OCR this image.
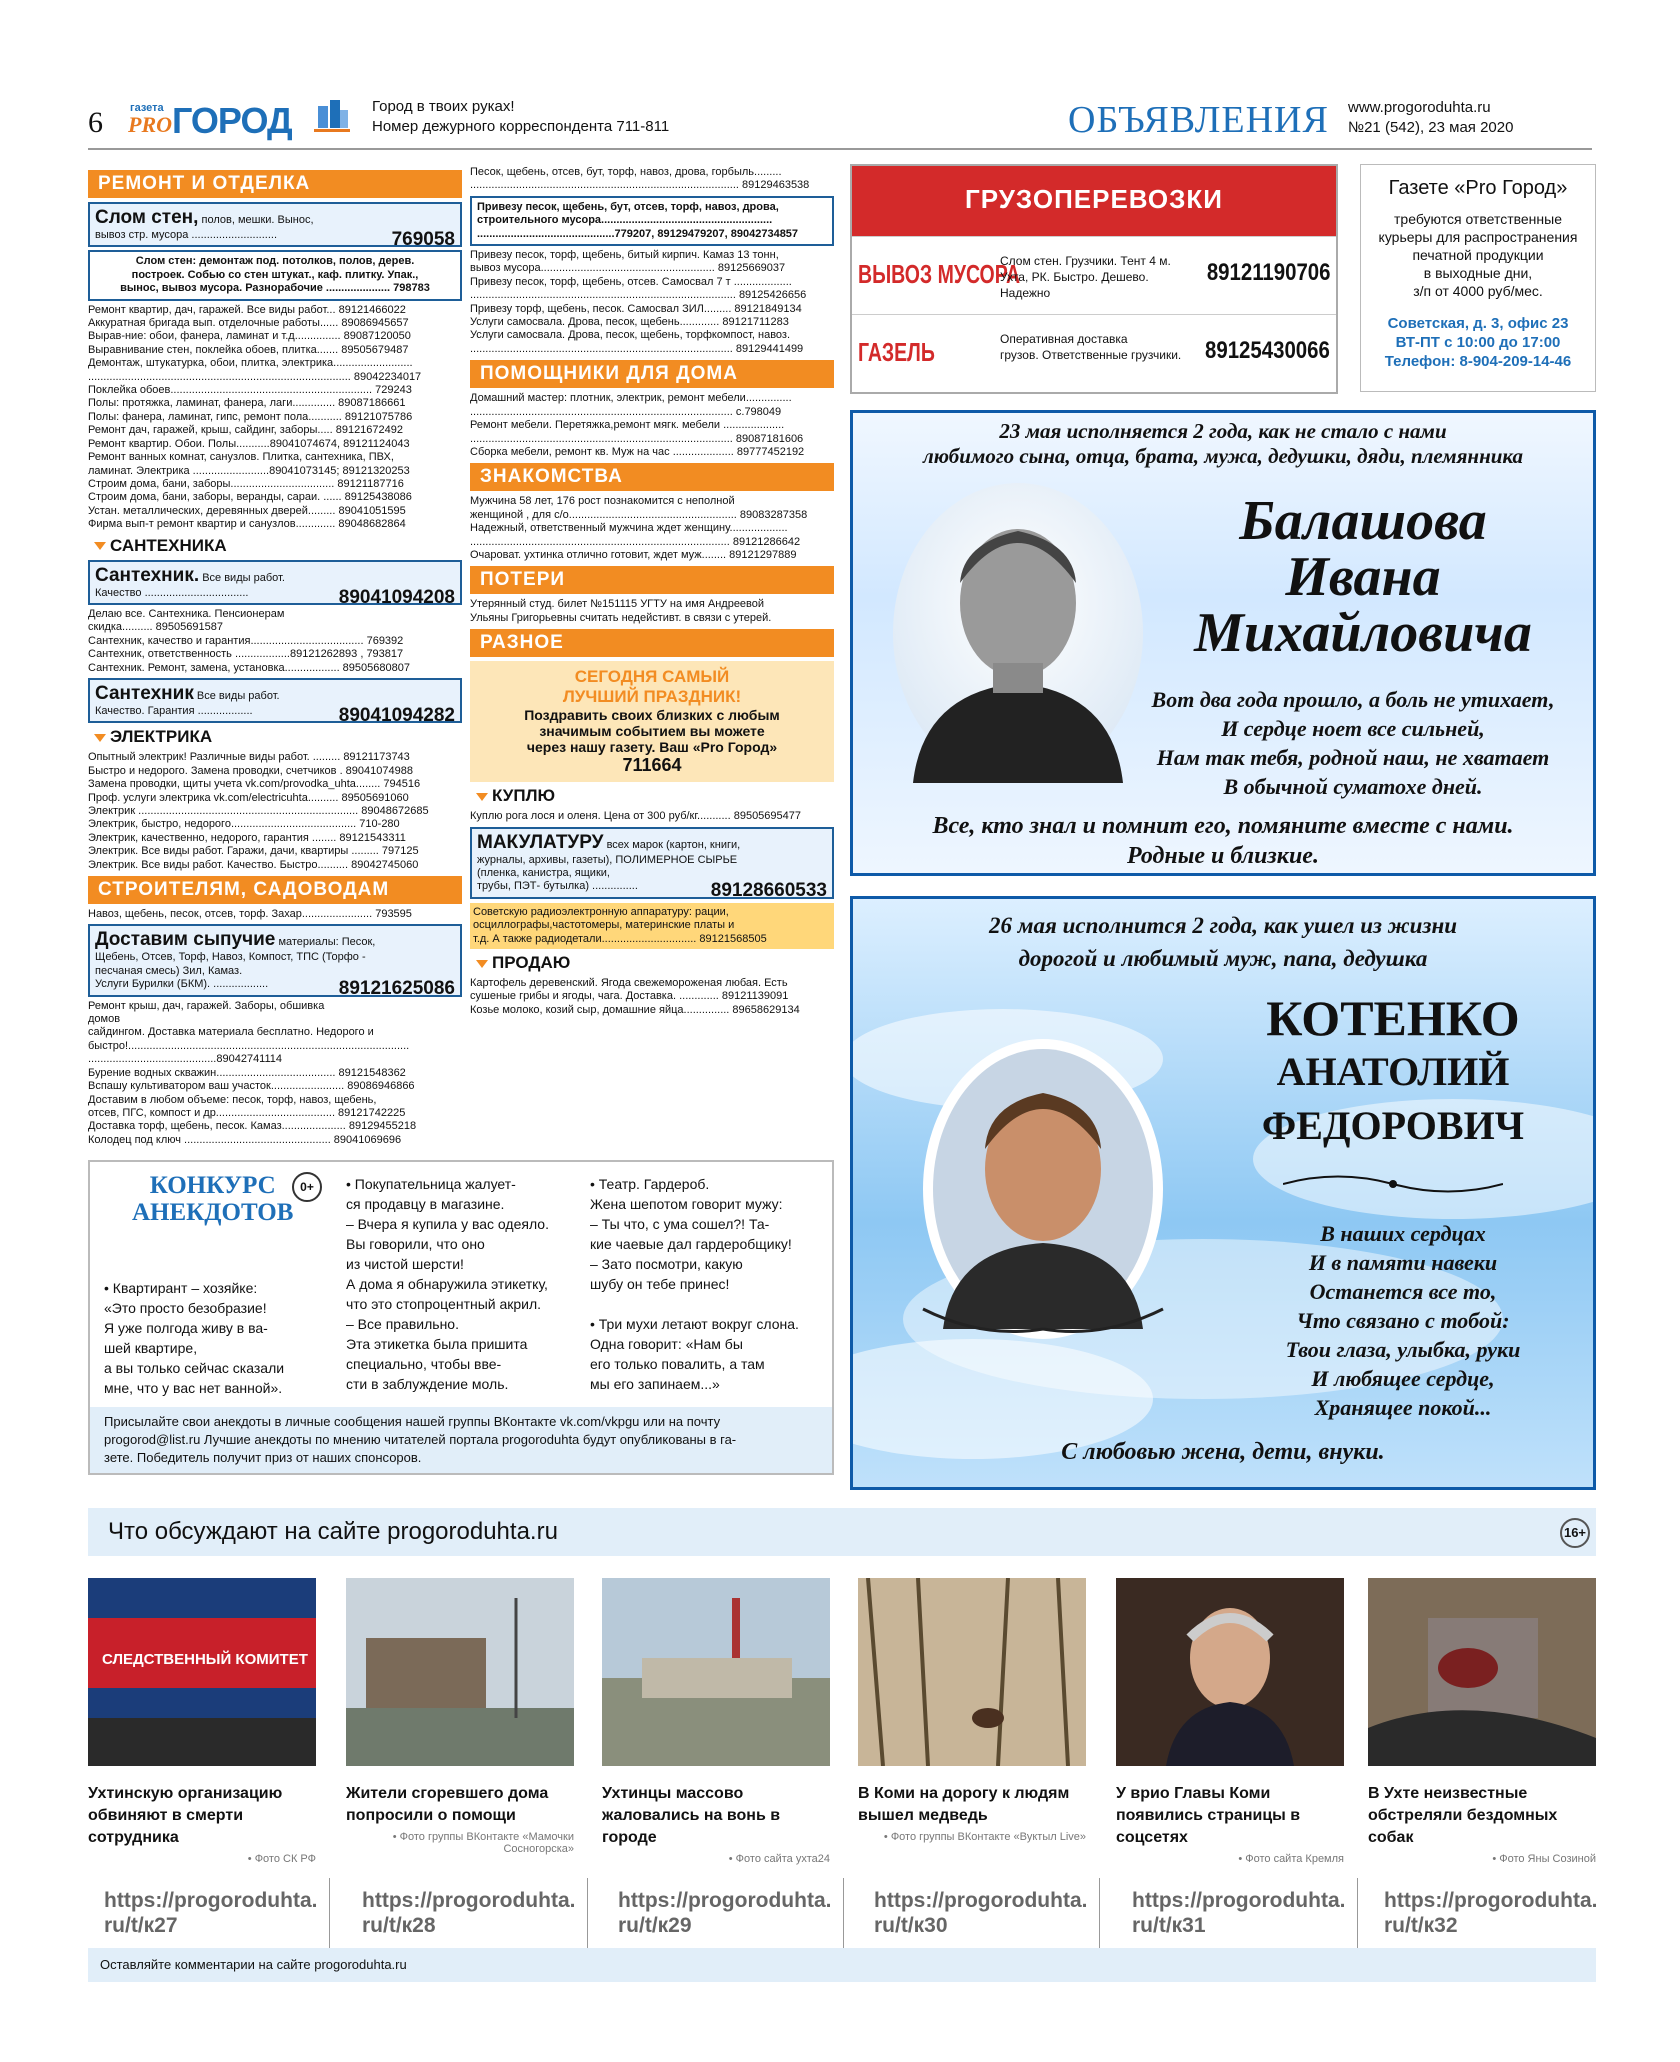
6 газета
PRO ГОРОД	Город в твоих руках!
Номер дежурного корреспондента 711-811	ОБЪЯВЛЕНИЯ www.progoroduhta.ru
№21 (542), 23 мая 2020
РЕМОНТ И ОТДЕЛКА
Слом стен, полов, мешки. Вынос,
вывоз стр. мусора ............................	769058
Слом стен: демонтаж под. потолков, полов, дерев.
построек. Собью со стен штукат., каф. плитку. Упак.,
вынос, вывоз мусора. Разнорабочие ..................... 798783
Ремонт квартир, дач, гаражей. Все виды работ... 89121466022
Аккуратная бригада вып. отделочные работы...... 89086945657
Вырав-ние: обои, фанера, ламинат и т.д............... 89087120050
Выравнивание стен, поклейка обоев, плитка....... 89505679487
Демонтаж, штукатурка, обои, плитка, электрика..........................
...................................................................................... 89042234017
Поклейка обоев.................................................................. 729243
Полы: протяжка, ламинат, фанера, лаги.............. 89087186661
Полы: фанера, ламинат, гипс, ремонт пола........... 89121075786
Ремонт дач, гаражей, крыш, сайдинг, заборы..... 89121672492
Ремонт квартир. Обои. Полы...........89041074674, 89121124043
Ремонт ванных комнат, санузлов. Плитка, сантехника, ПВХ,
ламинат. Электрика .........................89041073145; 89121320253
Строим дома, бани, заборы.................................. 89121187716
Строим дома, бани, заборы, веранды, сараи. ...... 89125438086
Устан. металлических, деревянных дверей......... 89041051595
Фирма вып-т ремонт квартир и санузлов............. 89048682864
САНТЕХНИКА
Сантехник. Все виды работ.
Качество ..................................	89041094208
Делаю все. Сантехника. Пенсионерам скидка.......... 89505691587
Сантехник, качество и гарантия..................................... 769392
Сантехник, ответственность ..................89121262893 , 793817
Сантехник. Ремонт, замена, установка.................. 89505680807
Сантехник Все виды работ.
Качество. Гарантия ..................	89041094282
ЭЛЕКТРИКА
Опытный электрик! Различные виды работ. ......... 89121173743
Быстро и недорого. Замена проводки, счетчиков . 89041074988
Замена проводки, щиты учета vk.com/provodka_uhta........ 794516
Проф. услуги электрика vk.com/electricuhta.......... 89505691060
Электрик ........................................................................ 89048672685
Электрик, быстро, недорого......................................... 710-280
Электрик, качественно, недорого, гарантия ........ 89121543311
Электрик. Все виды работ. Гаражи, дачи, квартиры ......... 797125
Электрик. Все виды работ. Качество. Быстро.......... 89042745060
СТРОИТЕЛЯМ, САДОВОДАМ
Навоз, щебень, песок, отсев, торф. Захар....................... 793595
Доставим сыпучие материалы: Песок,
Щебень, Отсев, Торф, Навоз, Компост, ТПС (Торфо -
песчаная смесь) Зил, Камаз.
Услуги Бурилки (БКМ). ..................	89121625086
Ремонт крыш, дач, гаражей. Заборы, обшивка домов
сайдингом. Доставка материала бесплатно. Недорого и
быстро!............................................................................................
..........................................89042741114
Бурение водных скважин....................................... 89121548362
Вспашу культиватором ваш участок........................ 89086946866
Доставим в любом объеме: песок, торф, навоз, щебень,
отсев, ПГС, компост и др....................................... 89121742225
Доставка торф, щебень, песок. Камаз..................... 89129455218
Колодец под ключ ................................................ 89041069696
Песок, щебень, отсев, бут, торф, навоз, дрова, горбыль.........
........................................................................................ 89129463538
Привезу песок, щебень, бут, отсев, торф, навоз, дрова,
строительного мусора........................................................
.............................................779207, 89129479207, 89042734857
Привезу песок, торф, щебень, битый кирпич. Камаз 13 тонн,
вывоз мусора......................................................... 89125669037
Привезу песок, торф, щебень, отсев. Самосвал 7 т ...................
....................................................................................... 89125426656
Привезу торф, щебень, песок. Самосвал ЗИЛ......... 89121849134
Услуги самосвала. Дрова, песок, щебень............. 89121711283
Услуги самосвала. Дрова, песок, щебень, торфкомпост, навоз.
...................................................................................... 89129441499
ПОМОЩНИКИ ДЛЯ ДОМА
Домашний мастер: плотник, электрик, ремонт мебели...............
...................................................................................... с.798049
Ремонт мебели. Перетяжка,ремонт мягк. мебели ....................
...................................................................................... 89087181606
Сборка мебели, ремонт кв. Муж на час .................... 89777452192
ЗНАКОМСТВА
Мужчина 58 лет, 176 рост познакомится с неполной
женщиной , для с/о....................................................... 89083287358
Надежный, ответственный мужчина ждет женщину...................
..................................................................................... 89121286642
Очароват. ухтинка отлично готовит, ждет муж........ 89121297889
ПОТЕРИ
Утерянный студ. билет №151115 УГТУ на имя Андреевой
Ульяны Григорьевны считать недейстивт. в связи с утерей.
РАЗНОЕ
СЕГОДНЯ САМЫЙ
ЛУЧШИЙ ПРАЗДНИК!
Поздравить своих близких с любым
значимым событием вы можете
через нашу газету. Ваш «Pro Город»
711664
КУПЛЮ
Куплю рога лося и оленя. Цена от 300 руб/кг........... 89505695477
МАКУЛАТУРУ всех марок (картон, книги,
журналы, архивы, газеты), ПОЛИМЕРНОЕ СЫРЬЕ
(пленка, канистра, ящики,
трубы, ПЭТ- бутылка) ...............	89128660533
Советскую радиоэлектронную аппаратуру: рации,
осциллографы,частотомеры, материнские платы и
т.д. А также радиодетали............................... 89121568505
ПРОДАЮ
Картофель деревенский. Ягода свежемороженая любая. Есть
сушеные грибы и ягоды, чага. Доставка. ............. 89121139091
Козье молоко, козий сыр, домашние яйца............... 89658629134
ГРУЗОПЕРЕВОЗКИ
ВЫВОЗ МУСОРА
Слом стен. Грузчики. Тент 4 м.
Ухта, РК. Быстро. Дешево. Надежно
89121190706
ГАЗЕЛЬ	Оперативная доставка
грузов. Ответственные грузчики. 89125430066
Газете «Pro Город»
требуются ответственные
курьеры для распространения
печатной продукции
в выходные дни,
з/п от 4000 руб/мес.
Советская, д. 3, офис 23
ВТ-ПТ с 10:00 до 17:00
Телефон: 8-904-209-14-46
23 мая исполняется 2 года, как не стало с нами
любимого сына, отца, брата, мужа, дедушки, дяди, племянника
Балашова
Ивана
Михайловича
Вот два года прошло, а боль не утихает,
И сердце ноет все сильней,
Нам так тебя, родной наш, не хватает
В обычной суматохе дней.
Все, кто знал и помнит его, помяните вместе с нами.
Родные и близкие.
26 мая исполнится 2 года, как ушел из жизни
дорогой и любимый муж, папа, дедушка
КОТЕНКО
АНАТОЛИЙ
ФЕДОРОВИЧ
В наших сердцах
И в памяти навеки
Останется все то,
Что связано с тобой:
Твои глаза, улыбка, руки
И любящее сердце,
Хранящее покой...
С любовью жена, дети, внуки.
КОНКУРС
АНЕКДОТОВ
0+
• Квартирант – хозяйке:
«Это просто безобразие!
Я уже полгода живу в ва-
шей квартире,
а вы только сейчас сказали
мне, что у вас нет ванной».
• Покупательница жалует-
ся продавцу в магазине.
– Вчера я купила у вас одеяло.
Вы говорили, что оно
из чистой шерсти!
А дома я обнаружила этикетку,
что это стопроцентный акрил.
– Все правильно.
Эта этикетка была пришита
специально, чтобы вве-
сти в заблуждение моль.
• Театр. Гардероб.
Жена шепотом говорит мужу:
– Ты что, с ума сошел?! Та-
кие чаевые дал гардеробщику!
– Зато посмотри, какую
шубу он тебе принес!
• Три мухи летают вокруг слона.
Одна говорит: «Нам бы
его только повалить, а там
мы его запинаем...»
Присылайте свои анекдоты в личные сообщения нашей группы ВКонтакте vk.com/vkpgu или на почту
progorod@list.ru Лучшие анекдоты по мнению читателей портала progoroduhta будут опубликованы в га-
зете. Победитель получит приз от наших спонсоров.
Что обсуждают на сайте progoroduhta.ru	16+
СЛЕДСТВЕННЫЙ КОМИТЕТ
Ухтинскую организацию обвиняют в смерти сотрудника
• Фото СК РФ
https://progoroduhta.
ru/t/к27
Жители сгоревшего дома попросили о помощи
• Фото группы ВКонтакте «Мамочки Сосногорска»
https://progoroduhta.
ru/t/к28
Ухтинцы массово жаловались на вонь в городе
• Фото сайта ухта24
https://progoroduhta.
ru/t/к29
В Коми на дорогу к людям вышел медведь
• Фото группы ВКонтакте «Вуктыл Live»
https://progoroduhta.
ru/t/к30
У врио Главы Коми появились страницы в соцсетях
• Фото сайта Кремля
https://progoroduhta.
ru/t/к31
В Ухте неизвестные обстреляли бездомных собак
• Фото Яны Созиной
https://progoroduhta.
ru/t/к32
Оставляйте комментарии на сайте progoroduhta.ru
